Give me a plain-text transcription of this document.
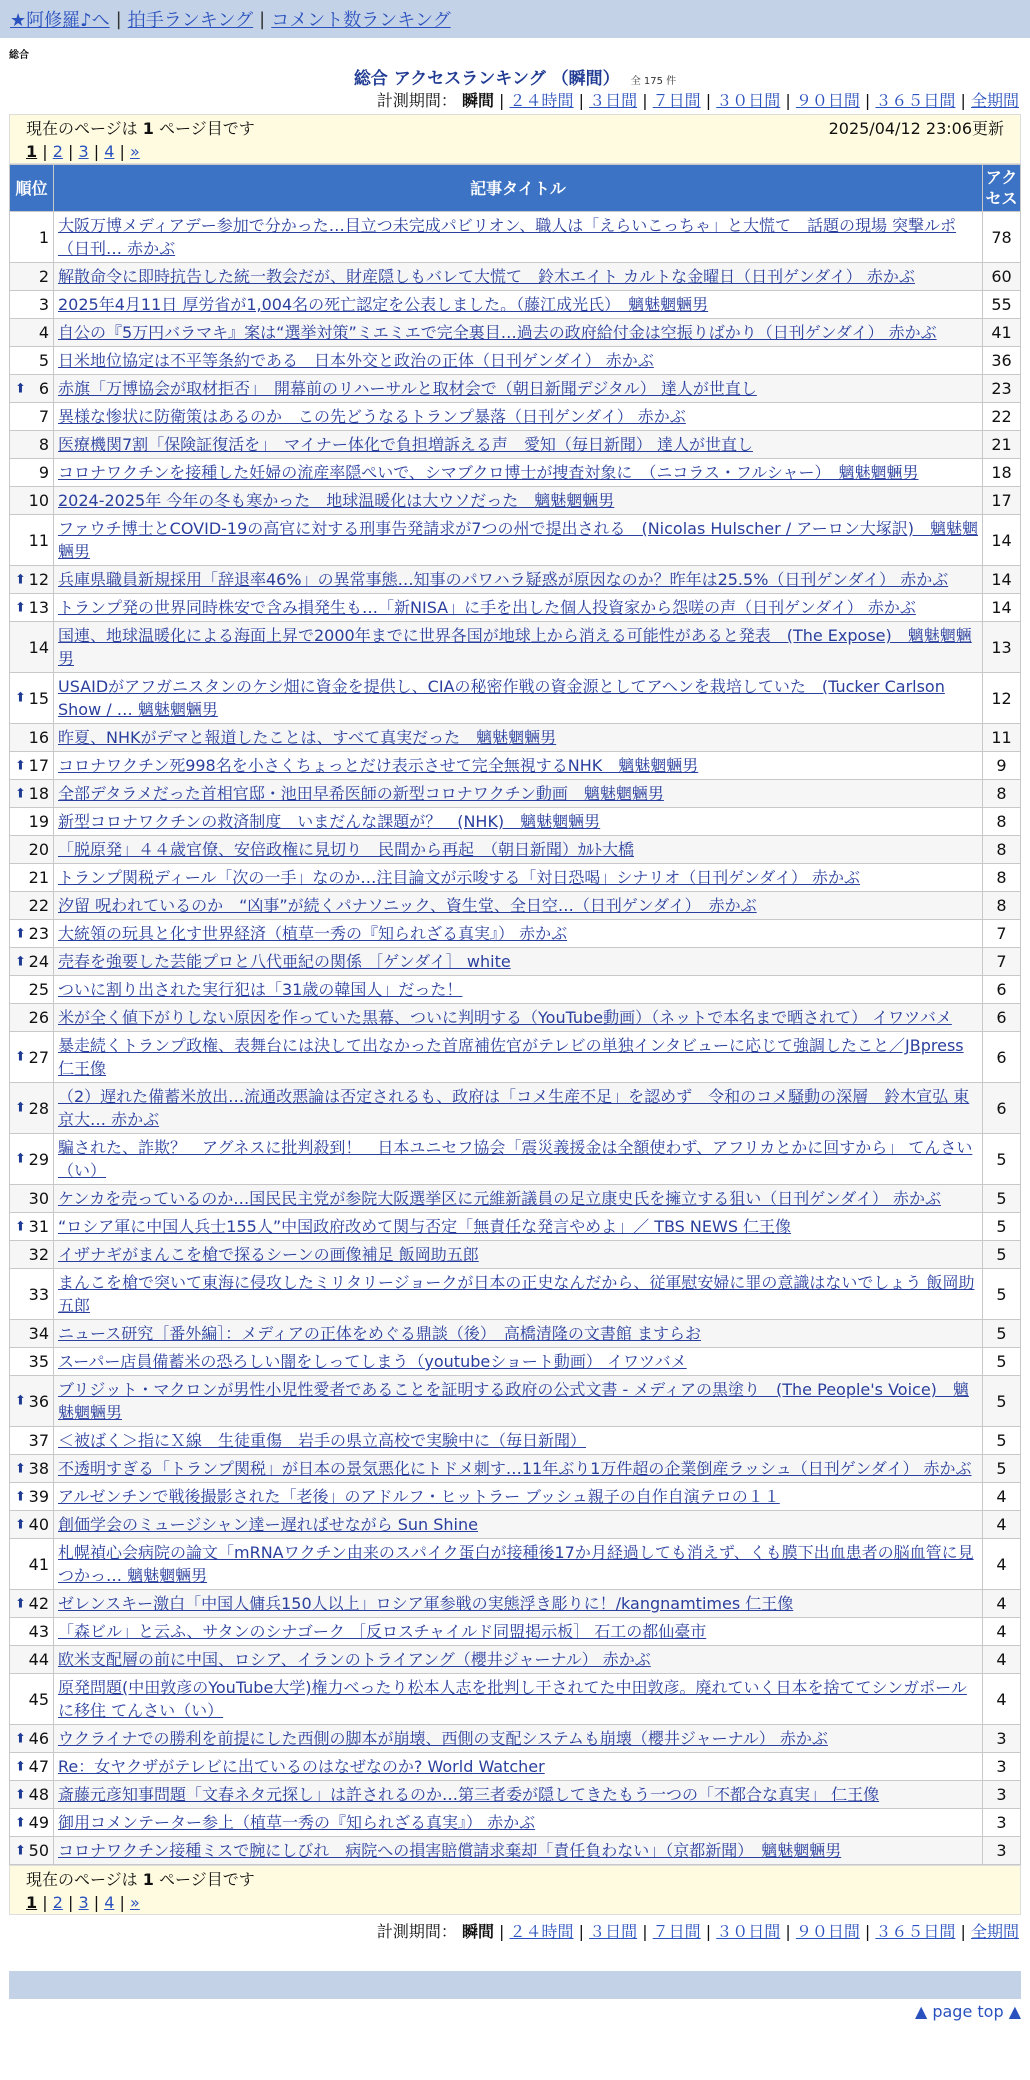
★阿修羅♪へ | 拍手ランキング | コメント数ランキング
総合
総合 アクセスランキング （瞬間） 全 175 件
計測期間： 瞬間 | ２４時間 | ３日間 | ７日間 | ３０日間 | ９０日間 | ３６５日間 | 全期間
現在のページは 1 ページ目です	2025/04/12 23:06更新
1 | 2 | 3 | 4 | »
順位	記事タイトル	アクセス
1	大阪万博メディアデー参加で分かった…目立つ未完成パビリオン、職人は「えらいこっちゃ」と大慌て　話題の現場 突撃ルポ（日刊… 赤かぶ	78
2	解散命令に即時抗告した統一教会だが、財産隠しもバレて大慌て　鈴木エイト カルトな金曜日（日刊ゲンダイ） 赤かぶ	60
3	2025年4月11日 厚労省が1,004名の死亡認定を公表しました。（藤江成光氏）　魑魅魍魎男	55
4	自公の『5万円バラマキ』案は“選挙対策”ミエミエで完全裏目…過去の政府給付金は空振りばかり（日刊ゲンダイ） 赤かぶ	41
5	日米地位協定は不平等条約である　日本外交と政治の正体（日刊ゲンダイ） 赤かぶ	36

⬆ 6	赤旗「万博協会が取材拒否」　開幕前のリハーサルと取材会で（朝日新聞デジタル） 達人が世直し	23
7	異様な惨状に防衛策はあるのか　この先どうなるトランプ暴落（日刊ゲンダイ） 赤かぶ	22
8	医療機関7割「保険証復活を」　マイナー体化で負担増訴える声　愛知（毎日新聞） 達人が世直し	21
9	コロナワクチンを接種した妊婦の流産率隠ぺいで、シマブクロ博士が捜査対象に　（ニコラス・フルシャー）　魑魅魍魎男	18
10	2024-2025年 今年の冬も寒かった　地球温暖化は大ウソだった　魑魅魍魎男	17
11	ファウチ博士とCOVID-19の高官に対する刑事告発請求が7つの州で提出される　(Nicolas Hulscher / アーロン大塚訳)　魑魅魍魎男	14

⬆ 12	兵庫県職員新規採用「辞退率46%」の異常事態…知事のパワハラ疑惑が原因なのか？昨年は25.5%（日刊ゲンダイ） 赤かぶ	14

⬆ 13	トランプ発の世界同時株安で含み損発生も…「新NISA」に手を出した個人投資家から怨嗟の声（日刊ゲンダイ） 赤かぶ	14
14	国連、地球温暖化による海面上昇で2000年までに世界各国が地球上から消える可能性があると発表　(The Expose)　魑魅魍魎男	13

⬆ 15	USAIDがアフガニスタンのケシ畑に資金を提供し、CIAの秘密作戦の資金源としてアヘンを栽培していた　(Tucker Carlson Show / … 魑魅魍魎男	12
16	昨夏、NHKがデマと報道したことは、すべて真実だった　魑魅魍魎男	11

⬆ 17	コロナワクチン死998名を小さくちょっとだけ表示させて完全無視するNHK　魑魅魍魎男	9

⬆ 18	全部デタラメだった首相官邸・池田早希医師の新型コロナワクチン動画　魑魅魍魎男	8
19	新型コロナワクチンの救済制度　いまだんな課題が？　(NHK)　魑魅魍魎男	8
20	「脱原発」４４歳官僚、安倍政権に見切り　民間から再起　（朝日新聞）ｶﾙﾄ大橋	8
21	トランプ関税ディール「次の一手」なのか…注目論文が示唆する「対日恐喝」シナリオ（日刊ゲンダイ） 赤かぶ	8
22	汐留 呪われているのか　“凶事”が続くパナソニック、資生堂、全日空…（日刊ゲンダイ）　赤かぶ	8

⬆ 23	大統領の玩具と化す世界経済（植草一秀の『知られざる真実』） 赤かぶ	7

⬆ 24	売春を強要した芸能プロと八代亜紀の関係 ［ゲンダイ］ white	7
25	ついに割り出された実行犯は「31歳の韓国人」だった！	6
26	米が全く値下がりしない原因を作っていた黒幕、ついに判明する（YouTube動画）（ネットで本名まで晒されて） イワツバメ	6

⬆ 27	暴走続くトランプ政権、表舞台には決して出なかった首席補佐官がテレビの単独インタビューに応じて強調したこと／JBpress 仁王像	6

⬆ 28	（2）遅れた備蓄米放出…流通改悪論は否定されるも、政府は「コメ生産不足」を認めず　令和のコメ騒動の深層　鈴木宣弘 東京大… 赤かぶ	6

⬆ 29	騙された、詐欺？　アグネスに批判殺到！　日本ユニセフ協会「震災義援金は全額使わず、アフリカとかに回すから」 てんさい（い）	5
30	ケンカを売っているのか…国民民主党が参院大阪選挙区に元維新議員の足立康史氏を擁立する狙い（日刊ゲンダイ） 赤かぶ	5

⬆ 31	“ロシア軍に中国人兵士155人”中国政府改めて関与否定「無責任な発言やめよ」／ TBS NEWS 仁王像	5
32	イザナギがまんこを槍で探るシーンの画像補足 飯岡助五郎	5
33	まんこを槍で突いて東海に侵攻したミリタリージョークが日本の正史なんだから、従軍慰安婦に罪の意識はないでしょう 飯岡助五郎	5
34	ニュース研究［番外編］：メディアの正体をめぐる鼎談（後）　高橋清隆の文書館 ますらお	5
35	スーパー店員備蓄米の恐ろしい闇をしってしまう（youtubeショート動画） イワツバメ	5

⬆ 36	ブリジット・マクロンが男性小児性愛者であることを証明する政府の公式文書 - メディアの黒塗り　(The People's Voice)　魑魅魍魎男	5
37	＜被ばく＞指にＸ線　生徒重傷　岩手の県立高校で実験中に（毎日新聞）	5

⬆ 38	不透明すぎる「トランプ関税」が日本の景気悪化にトドメ刺す…11年ぶり1万件超の企業倒産ラッシュ（日刊ゲンダイ） 赤かぶ	5

⬆ 39	アルゼンチンで戦後撮影された「老後」のアドルフ・ヒットラー ブッシュ親子の自作自演テロの１１	4

⬆ 40	創価学会のミュージシャン達ー遅ればせながら Sun Shine	4
41	札幌禎心会病院の論文「mRNAワクチン由来のスパイク蛋白が接種後17か月経過しても消えず、くも膜下出血患者の脳血管に見つかっ… 魑魅魍魎男	4

⬆ 42	ゼレンスキー激白「中国人傭兵150人以上」ロシア軍参戦の実態浮き彫りに！/kangnamtimes 仁王像	4
43	「森ビル」と云ふ、サタンのシナゴーク ［反ロスチャイルド同盟掲示板］ 石工の都仙臺市	4
44	欧米支配層の前に中国、ロシア、イランのトライアング（櫻井ジャーナル） 赤かぶ	4
45	原発問題(中田敦彦のYouTube大学)権力べったり松本人志を批判し干されてた中田敦彦。廃れていく日本を捨ててシンガポールに移住 てんさい（い）	4

⬆ 46	ウクライナでの勝利を前提にした西側の脚本が崩壊、西側の支配システムも崩壊（櫻井ジャーナル） 赤かぶ	3

⬆ 47	Re：女ヤクザがテレビに出ているのはなぜなのか? World Watcher	3

⬆ 48	斎藤元彦知事問題「文春ネタ元探し」は許されるのか…第三者委が隠してきたもう一つの「不都合な真実」 仁王像	3

⬆ 49	御用コメンテーター参上（植草一秀の『知られざる真実』） 赤かぶ	3

⬆ 50	コロナワクチン接種ミスで腕にしびれ　病院への損害賠償請求棄却「責任負わない」（京都新聞）　魑魅魍魎男	3
現在のページは 1 ページ目です
1 | 2 | 3 | 4 | »
計測期間： 瞬間 | ２４時間 | ３日間 | ７日間 | ３０日間 | ９０日間 | ３６５日間 | 全期間
▲ page top ▲
